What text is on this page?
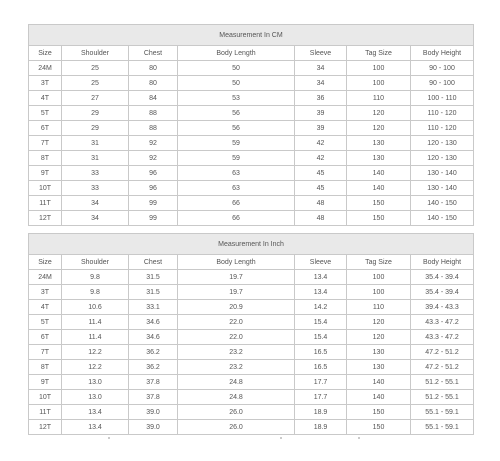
Measurement In CM						
Size	Shoulder	Chest	Body Length	Sleeve	Tag Size	Body Height
24M	25	80	50	34	100	90 - 100
3T	25	80	50	34	100	90 - 100
4T	27	84	53	36	110	100 - 110
5T	29	88	56	39	120	110 - 120
6T	29	88	56	39	120	110 - 120
7T	31	92	59	42	130	120 - 130
8T	31	92	59	42	130	120 - 130
9T	33	96	63	45	140	130 - 140
10T	33	96	63	45	140	130 - 140
11T	34	99	66	48	150	140 - 150
12T	34	99	66	48	150	140 - 150
Measurement In Inch						
Size	Shoulder	Chest	Body Length	Sleeve	Tag Size	Body Height
24M	9.8	31.5	19.7	13.4	100	35.4 - 39.4
3T	9.8	31.5	19.7	13.4	100	35.4 - 39.4
4T	10.6	33.1	20.9	14.2	110	39.4 - 43.3
5T	11.4	34.6	22.0	15.4	120	43.3 - 47.2
6T	11.4	34.6	22.0	15.4	120	43.3 - 47.2
7T	12.2	36.2	23.2	16.5	130	47.2 - 51.2
8T	12.2	36.2	23.2	16.5	130	47.2 - 51.2
9T	13.0	37.8	24.8	17.7	140	51.2 - 55.1
10T	13.0	37.8	24.8	17.7	140	51.2 - 55.1
11T	13.4	39.0	26.0	18.9	150	55.1 - 59.1
12T	13.4	39.0	26.0	18.9	150	55.1 - 59.1
